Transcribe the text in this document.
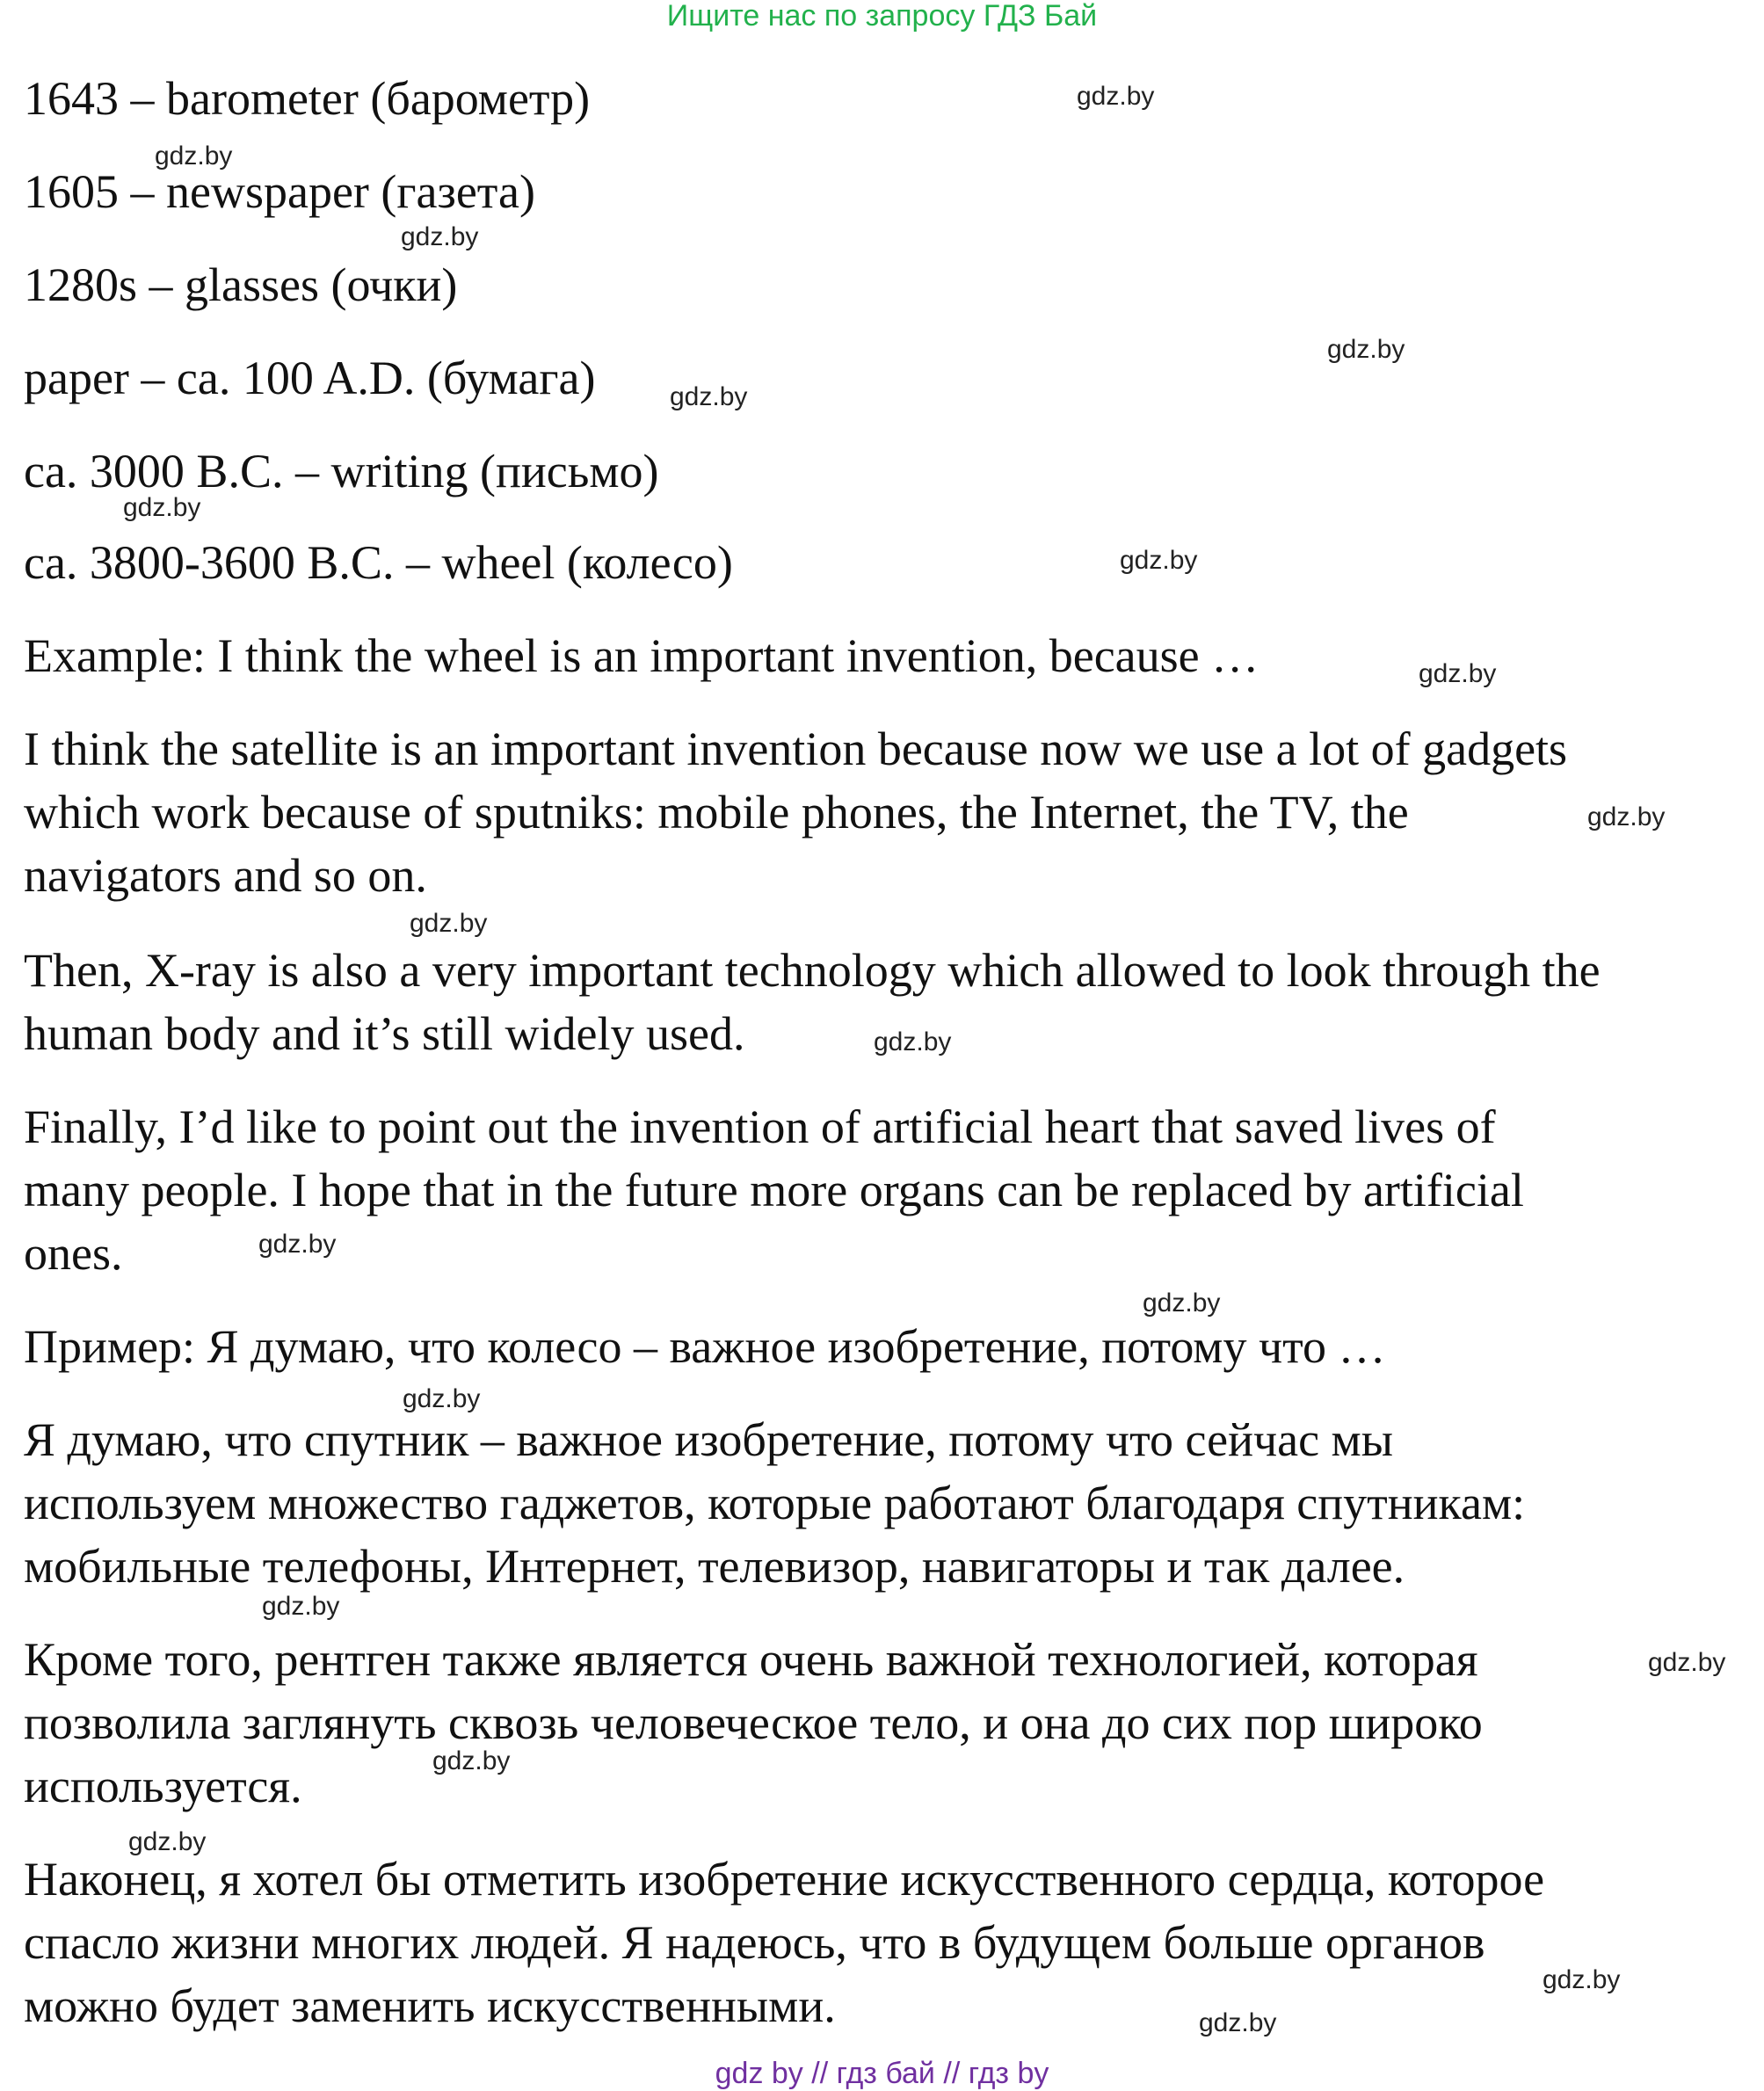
Ищите нас по запросу ГДЗ Бай
1643 – barometer (барометр)
1605 – newspaper (газета)
1280s – glasses (очки)
paper – ca. 100 A.D. (бумага)
ca. 3000 B.C. – writing (письмо)
ca. 3800-3600 B.C. – wheel (колесо)
Example: I think the wheel is an important invention, because …
I think the satellite is an important invention because now we use a lot of gadgets
which work because of sputniks: mobile phones, the Internet, the TV, the
navigators and so on.
Then, X-ray is also a very important technology which allowed to look through the
human body and it’s still widely used.
Finally, I’d like to point out the invention of artificial heart that saved lives of
many people. I hope that in the future more organs can be replaced by artificial
ones.
Пример: Я думаю, что колесо – важное изобретение, потому что …
Я думаю, что спутник – важное изобретение, потому что сейчас мы
используем множество гаджетов, которые работают благодаря спутникам:
мобильные телефоны, Интернет, телевизор, навигаторы и так далее.
Кроме того, рентген также является очень важной технологией, которая
позволила заглянуть сквозь человеческое тело, и она до сих пор широко
используется.
Наконец, я хотел бы отметить изобретение искусственного сердца, которое
спасло жизни многих людей. Я надеюсь, что в будущем больше органов
можно будет заменить искусственными.
gdz.by
gdz.by
gdz.by
gdz.by
gdz.by
gdz.by
gdz.by
gdz.by
gdz.by
gdz.by
gdz.by
gdz.by
gdz.by
gdz.by
gdz.by
gdz.by
gdz.by
gdz.by
gdz.by
gdz.by
gdz by // гдз бай // гдз by
